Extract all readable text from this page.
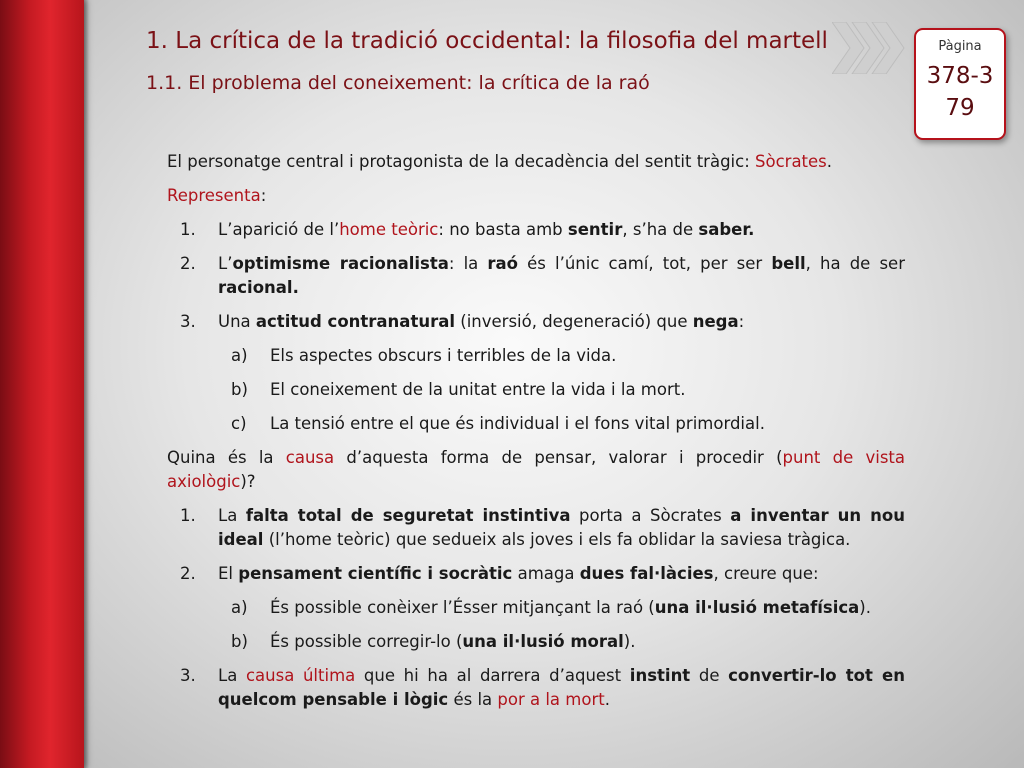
1. La crítica de la tradició occidental: la filosofia del martell
1.1. El problema del coneixement: la crítica de la raó
Pàgina
378-379

El personatge central i protagonista de la decadència del sentit tràgic: Sòcrates.

Representa:

1. L’aparició de l’home teòric: no basta amb sentir, s’ha de saber.
2. L’optimisme racionalista: la raó és l’únic camí, tot, per ser bell, ha de ser racional.
3. Una actitud contranatural (inversió, degeneració) que nega:
a) Els aspectes obscurs i terribles de la vida.
b) El coneixement de la unitat entre la vida i la mort.
c) La tensió entre el que és individual i el fons vital primordial.

Quina és la causa d’aquesta forma de pensar, valorar i procedir (punt de vista axiològic)?

1. La falta total de seguretat instintiva porta a Sòcrates a inventar un nou ideal (l’home teòric) que sedueix als joves i els fa oblidar la saviesa tràgica.
2. El pensament científic i socràtic amaga dues fal·làcies, creure que:
a) És possible conèixer l’Ésser mitjançant la raó (una il·lusió metafísica).
b) És possible corregir-lo (una il·lusió moral).
3. La causa última que hi ha al darrera d’aquest instint de convertir-lo tot en quelcom pensable i lògic és la por a la mort.
